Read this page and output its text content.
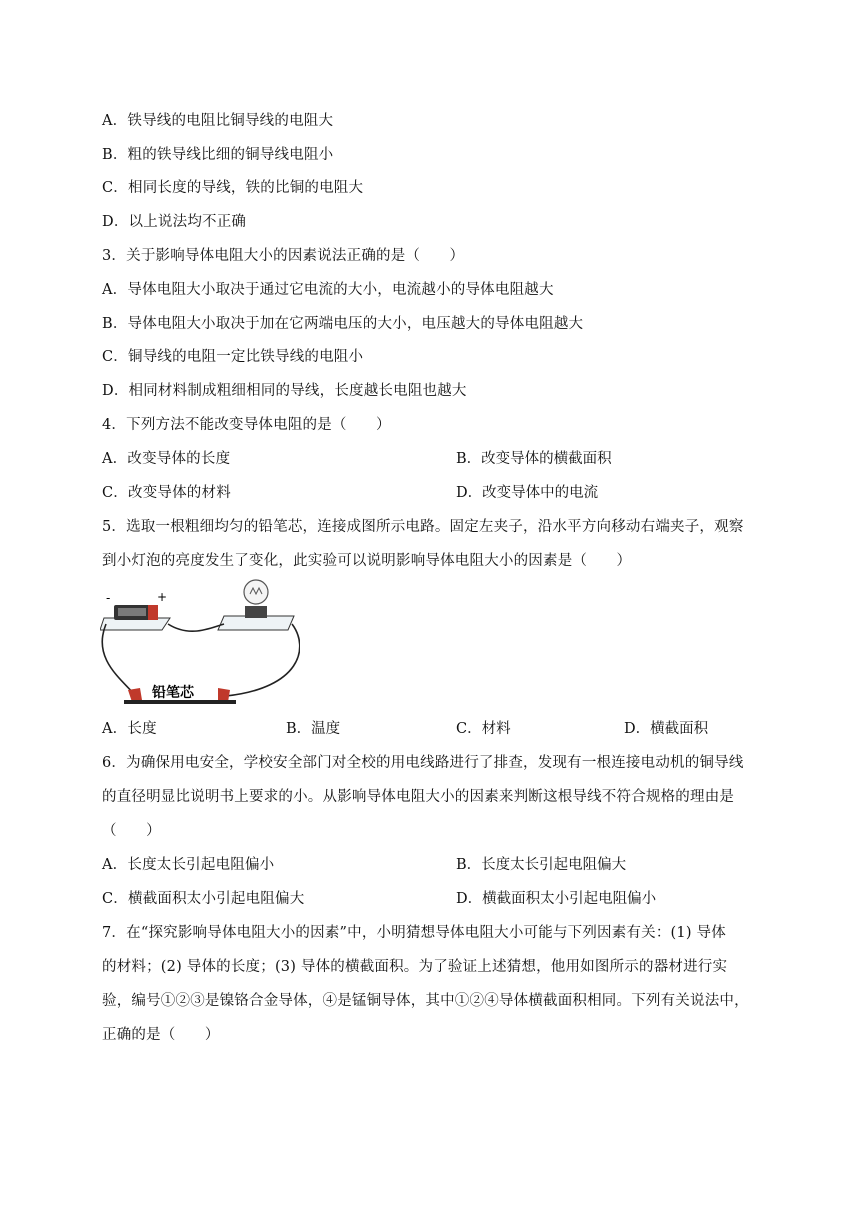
A．铁导线的电阻比铜导线的电阻大
B．粗的铁导线比细的铜导线电阻小
C．相同长度的导线，铁的比铜的电阻大
D．以上说法均不正确
3．关于影响导体电阻大小的因素说法正确的是（　　）
A．导体电阻大小取决于通过它电流的大小，电流越小的导体电阻越大
B．导体电阻大小取决于加在它两端电压的大小，电压越大的导体电阻越大
C．铜导线的电阻一定比铁导线的电阻小
D．相同材料制成粗细相同的导线，长度越长电阻也越大
4．下列方法不能改变导体电阻的是（　　）
A．改变导体的长度	B．改变导体的横截面积
C．改变导体的材料	D．改变导体中的电流
5．选取一根粗细均匀的铅笔芯，连接成图所示电路。固定左夹子，沿水平方向移动右端夹子，观察
到小灯泡的亮度发生了变化，此实验可以说明影响导体电阻大小的因素是（　　）
-	+
铅笔芯
A．长度	B．温度	C．材料	D．横截面积
6．为确保用电安全，学校安全部门对全校的用电线路进行了排查，发现有一根连接电动机的铜导线
的直径明显比说明书上要求的小。从影响导体电阻大小的因素来判断这根导线不符合规格的理由是
（　　）
A．长度太长引起电阻偏小	B．长度太长引起电阻偏大
C．横截面积太小引起电阻偏大	D．横截面积太小引起电阻偏小
7．在“探究影响导体电阻大小的因素”中，小明猜想导体电阻大小可能与下列因素有关：(1) 导体
的材料；(2) 导体的长度；(3) 导体的横截面积。为了验证上述猜想，他用如图所示的器材进行实
验，编号①②③是镍铬合金导体，④是锰铜导体，其中①②④导体横截面积相同。下列有关说法中，
正确的是（　　）
